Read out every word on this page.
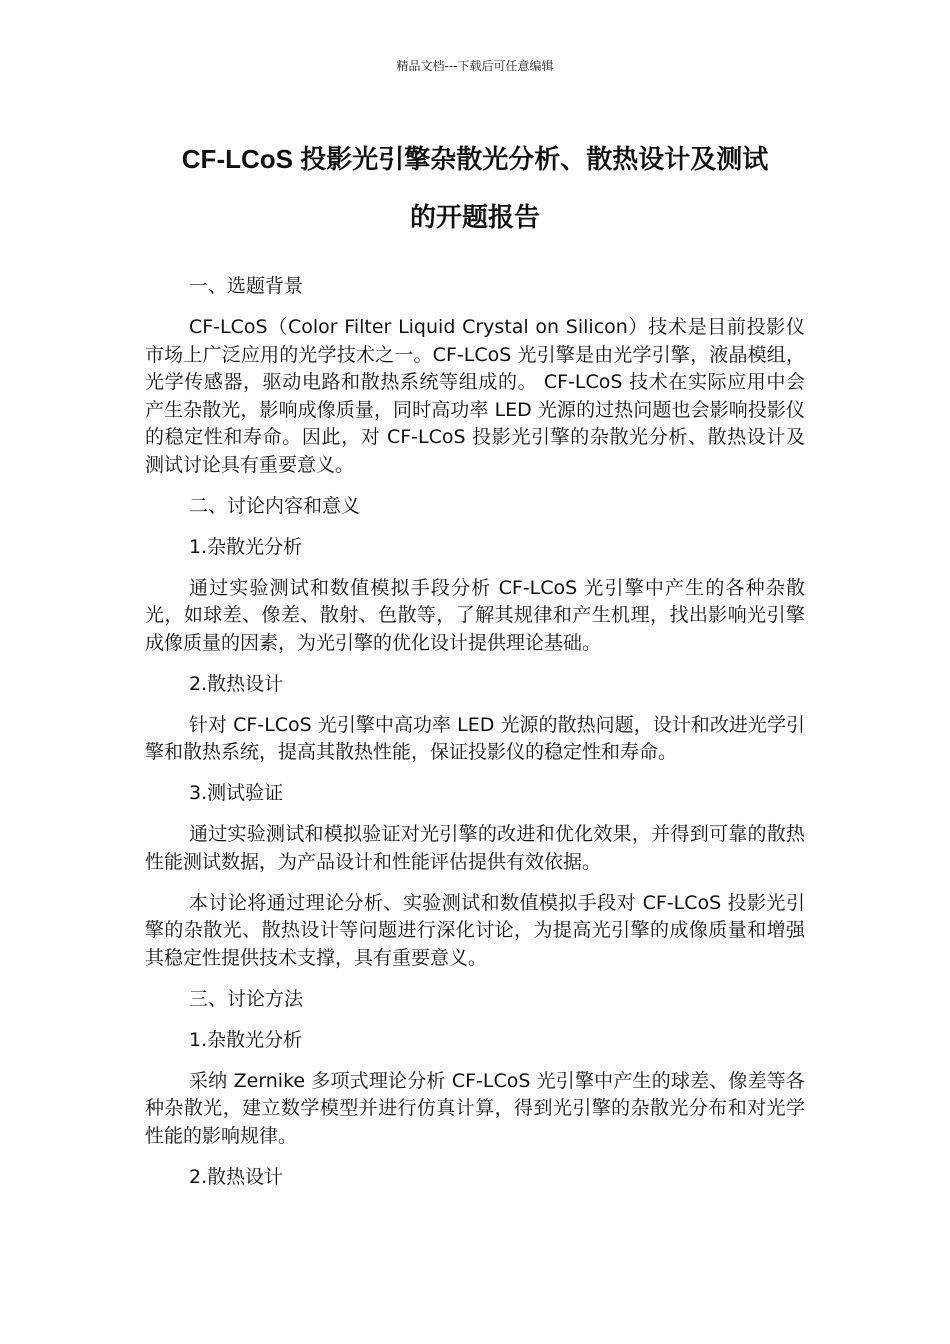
精品文档---下载后可任意编辑
CF-LCoS 投影光引擎杂散光分析、散热设计及测试
的开题报告

一、选题背景

CF-LCoS（Color Filter Liquid Crystal on Silicon）技术是目前投影仪市场上广泛应用的光学技术之一。CF-LCoS 光引擎是由光学引擎，液晶模组，光学传感器，驱动电路和散热系统等组成的。 CF-LCoS 技术在实际应用中会产生杂散光，影响成像质量，同时高功率 LED 光源的过热问题也会影响投影仪的稳定性和寿命。因此，对 CF-LCoS 投影光引擎的杂散光分析、散热设计及测试讨论具有重要意义。

二、讨论内容和意义

1.杂散光分析

通过实验测试和数值模拟手段分析 CF-LCoS 光引擎中产生的各种杂散光，如球差、像差、散射、色散等，了解其规律和产生机理，找出影响光引擎成像质量的因素，为光引擎的优化设计提供理论基础。

2.散热设计

针对 CF-LCoS 光引擎中高功率 LED 光源的散热问题，设计和改进光学引擎和散热系统，提高其散热性能，保证投影仪的稳定性和寿命。

3.测试验证

通过实验测试和模拟验证对光引擎的改进和优化效果，并得到可靠的散热性能测试数据，为产品设计和性能评估提供有效依据。

本讨论将通过理论分析、实验测试和数值模拟手段对 CF-LCoS 投影光引擎的杂散光、散热设计等问题进行深化讨论，为提高光引擎的成像质量和增强其稳定性提供技术支撑，具有重要意义。

三、讨论方法

1.杂散光分析

采纳 Zernike 多项式理论分析 CF-LCoS 光引擎中产生的球差、像差等各种杂散光，建立数学模型并进行仿真计算，得到光引擎的杂散光分布和对光学性能的影响规律。

2.散热设计
